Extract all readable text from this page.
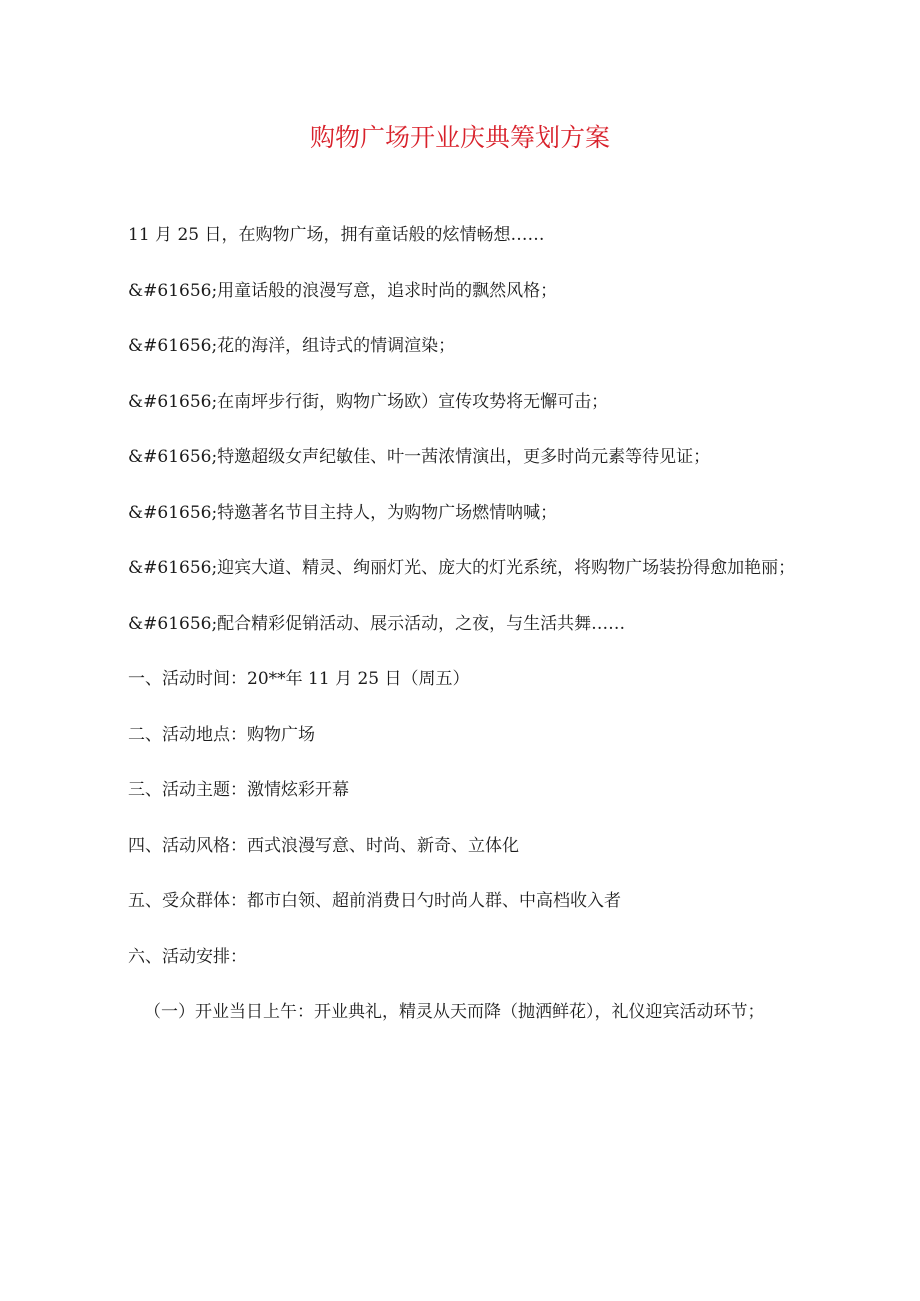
购物广场开业庆典筹划方案

11 月 25 日，在购物广场，拥有童话般的炫情畅想……

&#61656;用童话般的浪漫写意，追求时尚的飘然风格；

&#61656;花的海洋，组诗式的情调渲染；

&#61656;在南坪步行街，购物广场欧）宣传攻势将无懈可击；

&#61656;特邀超级女声纪敏佳、叶一茜浓情演出，更多时尚元素等待见证；

&#61656;特邀著名节目主持人，为购物广场燃情呐喊；

&#61656;迎宾大道、精灵、绚丽灯光、庞大的灯光系统，将购物广场装扮得愈加艳丽；

&#61656;配合精彩促销活动、展示活动，之夜，与生活共舞……

一、活动时间：20**年 11 月 25 日（周五）

二、活动地点：购物广场

三、活动主题：激情炫彩开幕

四、活动风格：西式浪漫写意、时尚、新奇、立体化

五、受众群体：都市白领、超前消费日勺时尚人群、中高档收入者

六、活动安排：

（一）开业当日上午：开业典礼，精灵从天而降（抛洒鲜花），礼仪迎宾活动环节；
